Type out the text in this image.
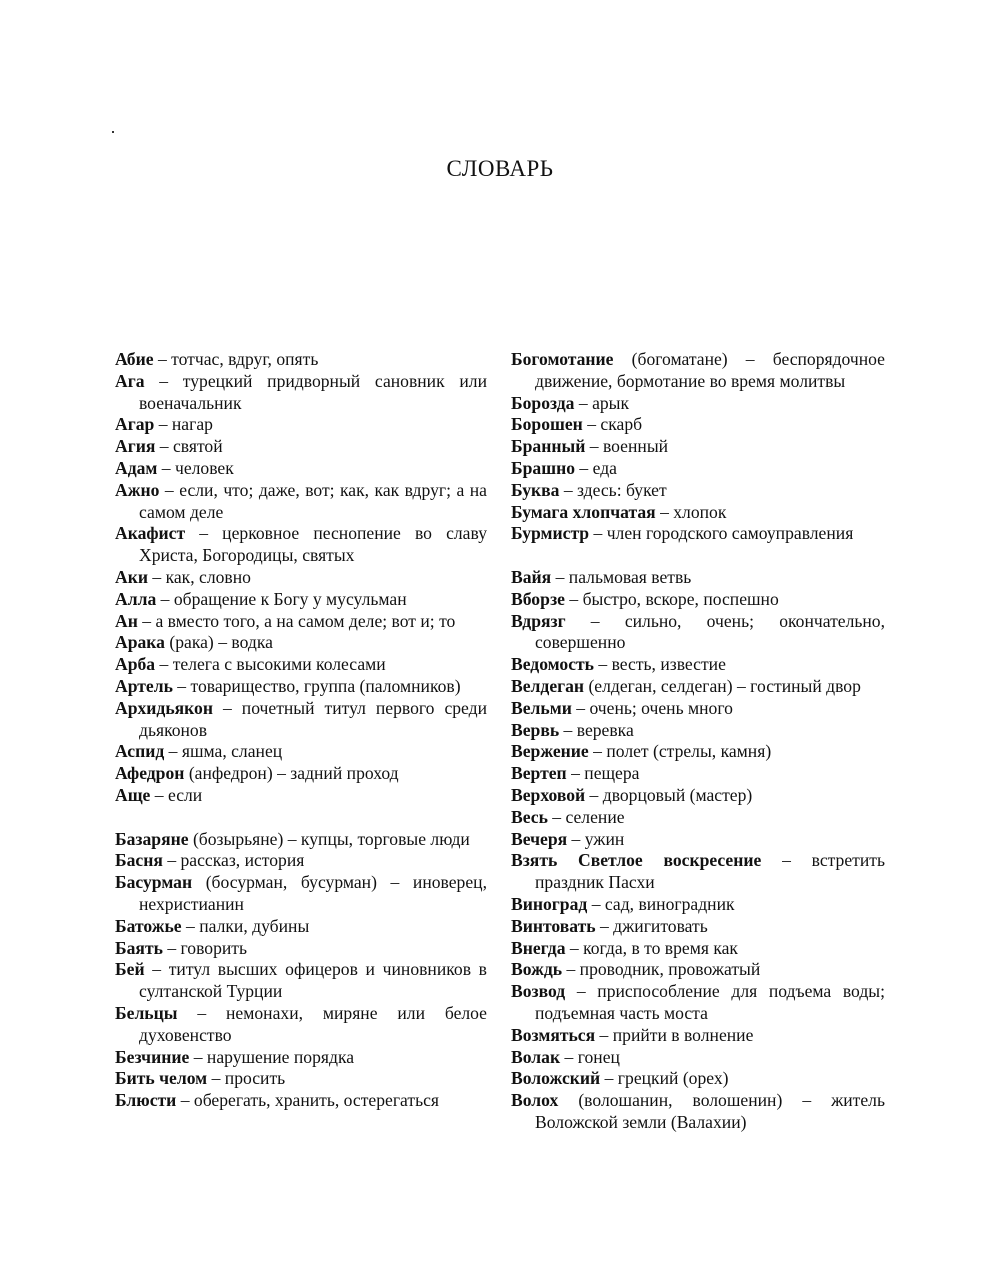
СЛОВАРЬ

Абие – тотчас, вдруг, опять

Ага – турецкий придворный сановник или военачальник

Агар – нагар

Агия – святой

Адам – человек

Ажно – если, что; даже, вот; как, как вдруг; а на самом деле

Акафист – церковное песнопение во славу Христа, Богородицы, святых

Аки – как, словно

Алла – обращение к Богу у мусульман

Ан – а вместо того, а на самом деле; вот и; то

Арака (рака) – водка

Арба – телега с высокими колесами

Артель – товарищество, группа (паломников)

Архидьякон – почетный титул первого среди дьяконов

Аспид – яшма, сланец

Афедрон (анфедрон) – задний проход

Аще – если

Базаряне (бозырьяне) – купцы, торговые люди

Басня – рассказ, история

Басурман (босурман, бусурман) – иноверец, нехристианин

Батожье – палки, дубины

Баять – говорить

Бей – титул высших офицеров и чиновников в султанской Турции

Бельцы – немонахи, миряне или белое духовенство

Безчиние – нарушение порядка

Бить челом – просить

Блюсти – оберегать, хранить, остерегаться

Богомотание (богоматане) – беспорядочное движение, бормотание во время молитвы

Борозда – арык

Борошен – скарб

Бранный – военный

Брашно – еда

Буква – здесь: букет

Бумага хлопчатая – хлопок

Бурмистр – член городского самоуправления

Вайя – пальмовая ветвь

Вборзе – быстро, вскоре, поспешно

Вдрязг – сильно, очень; окончательно, совершенно

Ведомость – весть, известие

Велдеган (елдеган, селдеган) – гостиный двор

Вельми – очень; очень много

Вервь – веревка

Вержение – полет (стрелы, камня)

Вертеп – пещера

Верховой – дворцовый (мастер)

Весь – селение

Вечеря – ужин

Взять Светлое воскресение – встретить праздник Пасхи

Виноград – сад, виноградник

Винтовать – джигитовать

Внегда – когда, в то время как

Вождь – проводник, провожатый

Возвод – приспособление для подъема воды; подъемная часть моста

Возмяться – прийти в волнение

Волак – гонец

Воложский – грецкий (орех)

Волох (волошанин, волошенин) – житель Воложской земли (Валахии)
